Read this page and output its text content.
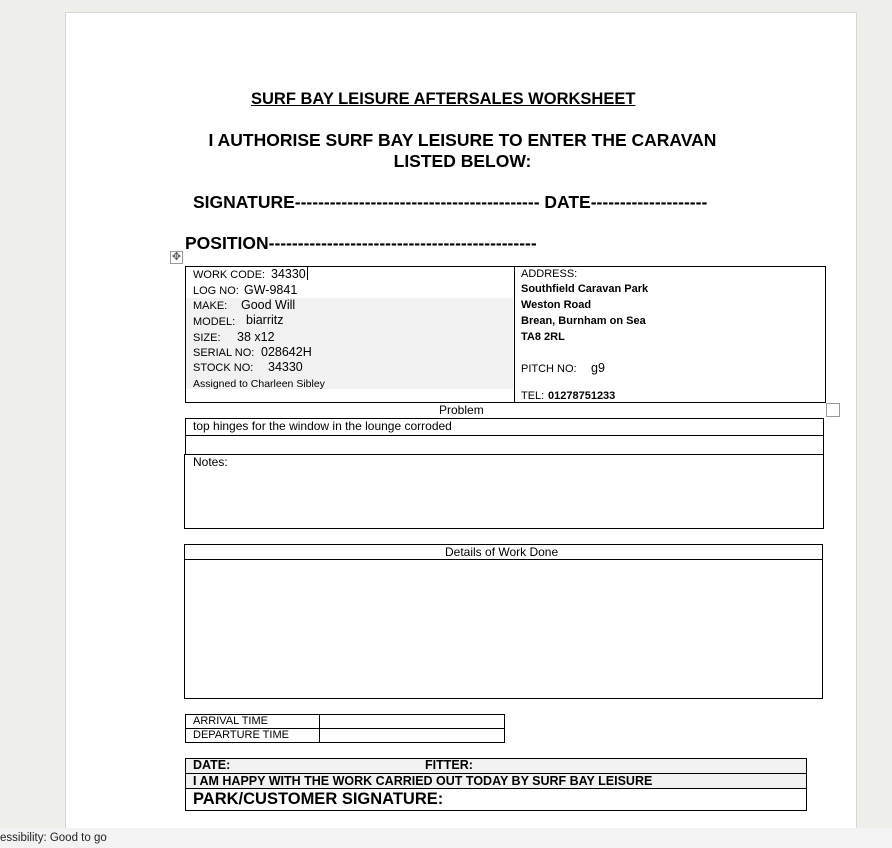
SURF BAY LEISURE AFTERSALES WORKSHEET
I AUTHORISE SURF BAY LEISURE TO ENTER THE CARAVAN LISTED BELOW:
SIGNATURE------------------------------------------ DATE--------------------
POSITION----------------------------------------------
✥
WORK CODE: 34330
LOG NO: GW-9841
MAKE: Good Will
MODEL: biarritz
SIZE: 38 x12
SERIAL NO: 028642H
STOCK NO: 34330
Assigned to Charleen Sibley
ADDRESS:
Southfield Caravan Park
Weston Road
Brean, Burnham on Sea
TA8 2RL
PITCH NO: g9
TEL: 01278751233
Problem
top hinges for the window in the lounge corroded
Notes:
Details of Work Done
ARRIVAL TIME
DEPARTURE TIME
DATE:	FITTER:
I AM HAPPY WITH THE WORK CARRIED OUT TODAY BY SURF BAY LEISURE
PARK/CUSTOMER SIGNATURE:
essibility: Good to go
